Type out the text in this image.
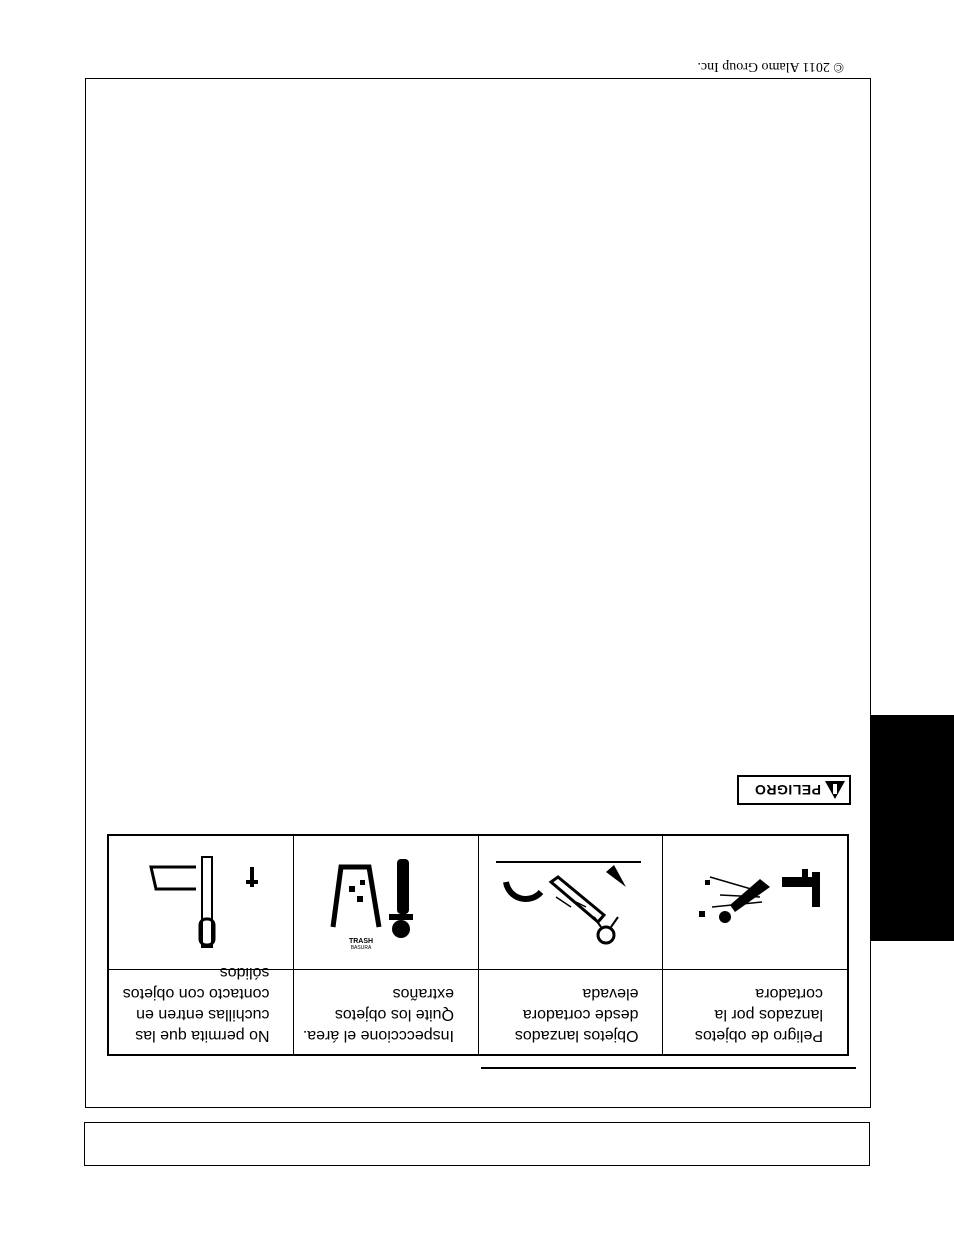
© 2011 Alamo Group Inc.
PELIGRO
Peligro de objetos lanzados por la cortadora
Objetos lanzados desde cortadora elevada
Inspecccione el área. Quite los objetos extraños
No permita que las cuchillas entren en contacto con objetos sólidos
TRASH
BASURA
